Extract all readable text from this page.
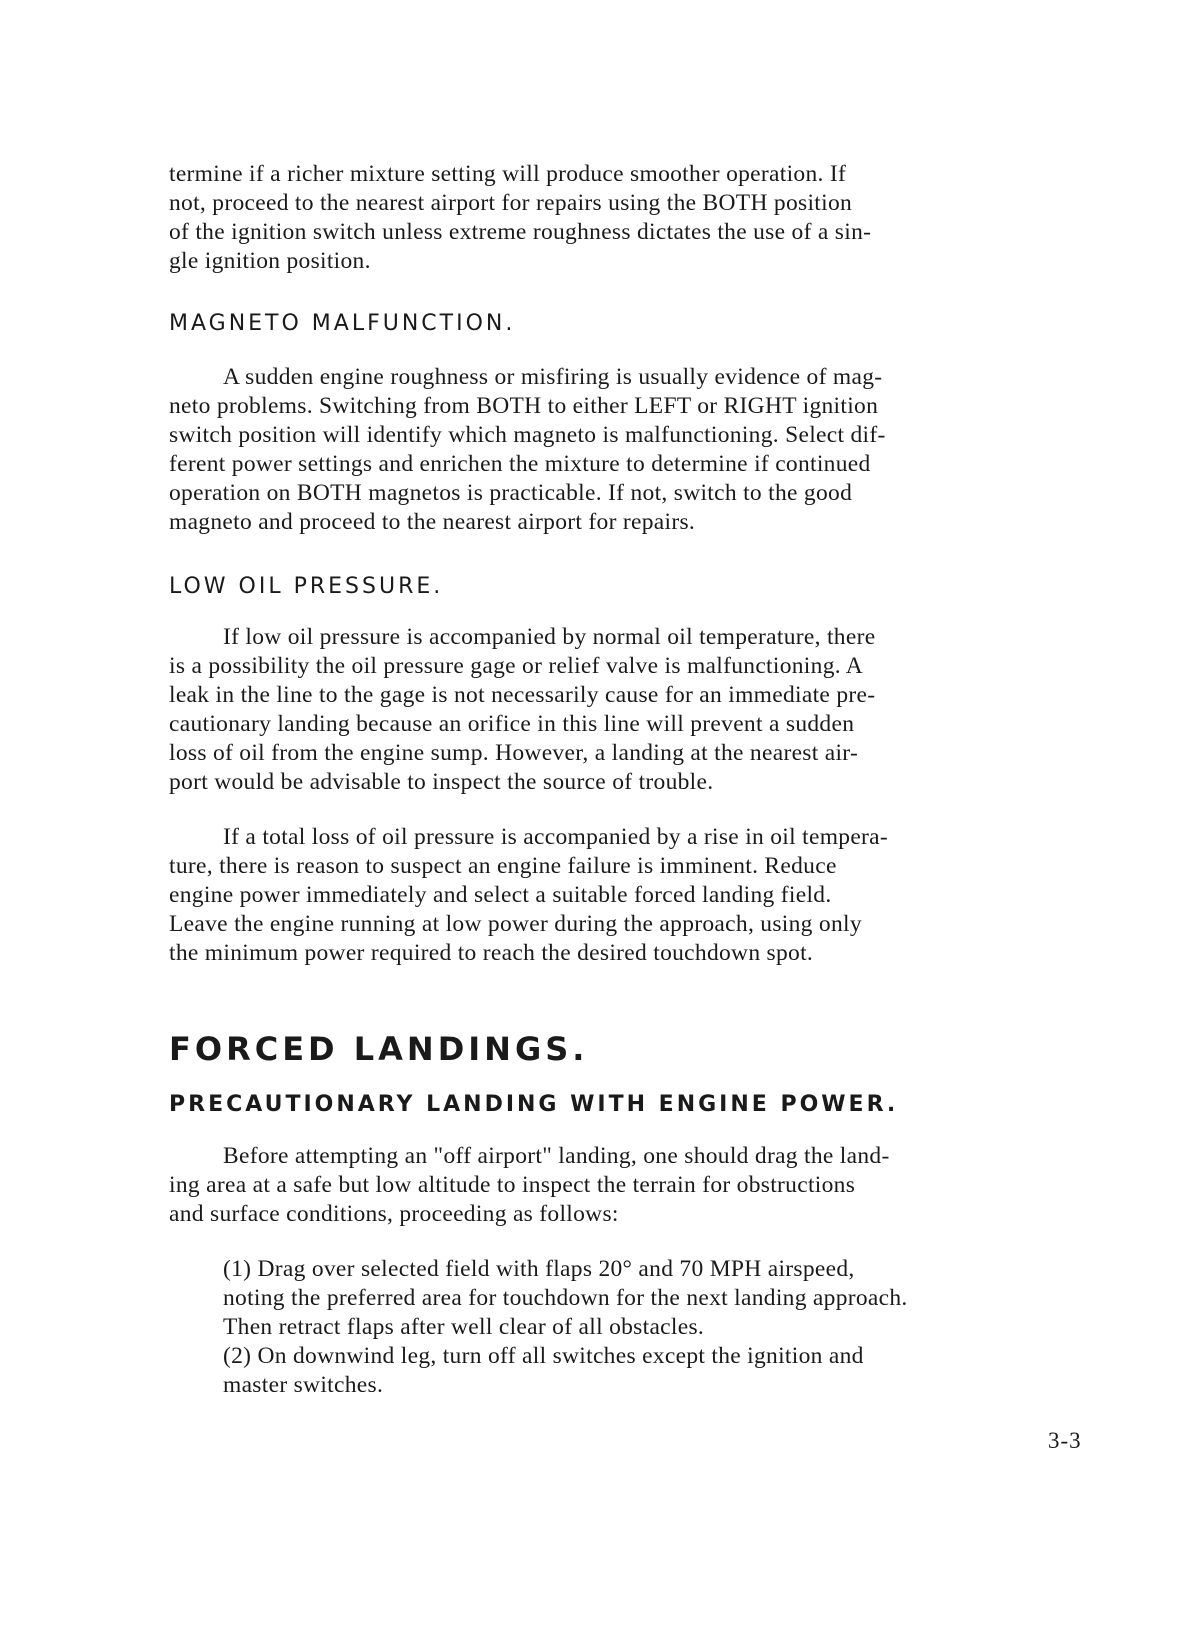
termine if a richer mixture setting will produce smoother operation. If
not, proceed to the nearest airport for repairs using the BOTH position
of the ignition switch unless extreme roughness dictates the use of a sin-
gle ignition position.
MAGNETO MALFUNCTION.
A sudden engine roughness or misfiring is usually evidence of mag-
neto problems. Switching from BOTH to either LEFT or RIGHT ignition
switch position will identify which magneto is malfunctioning. Select dif-
ferent power settings and enrichen the mixture to determine if continued
operation on BOTH magnetos is practicable. If not, switch to the good
magneto and proceed to the nearest airport for repairs.
LOW OIL PRESSURE.
If low oil pressure is accompanied by normal oil temperature, there
is a possibility the oil pressure gage or relief valve is malfunctioning. A
leak in the line to the gage is not necessarily cause for an immediate pre-
cautionary landing because an orifice in this line will prevent a sudden
loss of oil from the engine sump. However, a landing at the nearest air-
port would be advisable to inspect the source of trouble.
If a total loss of oil pressure is accompanied by a rise in oil tempera-
ture, there is reason to suspect an engine failure is imminent. Reduce
engine power immediately and select a suitable forced landing field.
Leave the engine running at low power during the approach, using only
the minimum power required to reach the desired touchdown spot.
FORCED LANDINGS.
PRECAUTIONARY LANDING WITH ENGINE POWER.
Before attempting an "off airport" landing, one should drag the land-
ing area at a safe but low altitude to inspect the terrain for obstructions
and surface conditions, proceeding as follows:
(1) Drag over selected field with flaps 20° and 70 MPH airspeed,
noting the preferred area for touchdown for the next landing approach.
Then retract flaps after well clear of all obstacles.
(2) On downwind leg, turn off all switches except the ignition and
master switches.
3-3
